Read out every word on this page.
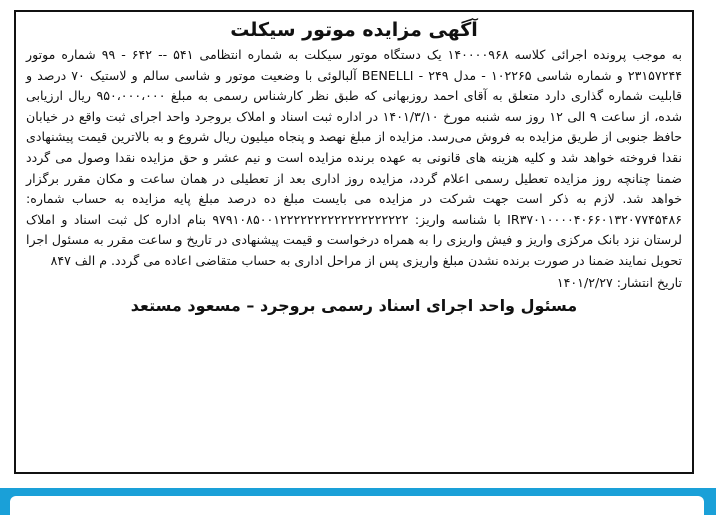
آگهی مزایده موتور سیکلت

به موجب پرونده اجرائی کلاسه ۱۴۰۰۰۰۹۶۸ یک دستگاه موتور سیکلت به شماره انتظامی ۵۴۱ -- ۶۴۲ - ۹۹ شماره موتور ۲۳۱۵۷۲۴۴ و شماره شاسی ۱۰۲۲۶۵ - مدل ۲۴۹ - BENELLI آلبالوئی با وضعیت موتور و شاسی سالم و لاستیک ۷۰ درصد و قابلیت شماره گذاری دارد متعلق به آقای احمد روزبهانی که طبق نظر کارشناس رسمی به مبلغ ۹۵۰،۰۰۰،۰۰۰ ریال ارزیابی شده، از ساعت ۹ الی ۱۲ روز سه شنبه مورخ ۱۴۰۱/۳/۱۰ در اداره ثبت اسناد و املاک بروجرد واحد اجرای ثبت واقع در خیابان حافظ جنوبی از طریق مزایده به فروش می‌رسد. مزایده از مبلغ نهصد و پنجاه میلیون ریال شروع و به بالاترین قیمت پیشنهادی نقدا فروخته خواهد شد و کلیه هزینه های قانونی به عهده برنده مزایده است و نیم عشر و حق مزایده نقدا وصول می گردد ضمنا چنانچه روز مزایده تعطیل رسمی اعلام گردد، مزایده روز اداری بعد از تعطیلی در همان ساعت و مکان مقرر برگزار خواهد شد. لازم به ذکر است جهت شرکت در مزایده می بایست مبلغ ده درصد مبلغ پایه مزایده به حساب شماره: IR۳۷۰۱۰۰۰۰۴۰۶۶۰۱۳۲۰۷۷۴۵۴۸۶ با شناسه واریز: ۹۷۹۱۰۸۵۰۰۱۲۲۲۲۲۲۲۲۲۲۲۲۲۲۲۲۲۲۲ بنام اداره کل ثبت اسناد و املاک لرستان نزد بانک مرکزی واریز و فیش واریزی را به همراه درخواست و قیمت پیشنهادی در تاریخ و ساعت مقرر به مسئول اجرا تحویل نمایند ضمنا در صورت برنده نشدن مبلغ واریزی پس از مراحل اداری به حساب متقاضی اعاده می گردد. م الف ۸۴۷

تاریخ انتشار: ۱۴۰۱/۲/۲۷
مسئول واحد اجرای اسناد رسمی بروجرد – مسعود مستعد
